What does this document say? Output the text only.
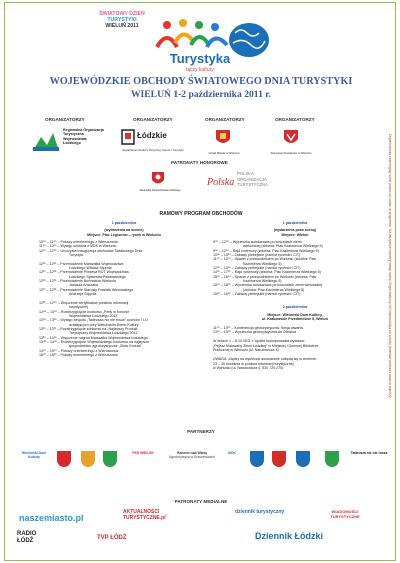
ŚWIATOWY DZIEŃ
TURYSTYKI
WIELUŃ 2011
Turystyka
łączy kultury
WOJEWÓDZKIE OBCHODY ŚWIATOWEGO DNIA TURYSTYKI
WIELUŃ 1-2 października 2011 r.
ORGANIZATORZY	ORGANIZATORZY	ORGANIZATORZY	ORGANIZATORZY
Regionalna Organizacja Turystyczna Województwa Łódzkiego
Łódzkie
Departament Kultury Fizycznej, Sportu i Turystyki
Urząd Miasta w Wieluniu	Starostwo Powiatowe w Wieluniu
PATRONATY HONOROWE
Marszałek Województwa Łódzkiego
Polska
POLSKA ORGANIZACJA TURYSTYCZNA
RAMOWY PROGRAM OBCHODÓW
1 października
(wydarzenia na scenie)
Miejsce: Plac Legionów – rynek w Wieluniu
10⁰⁰ – 11⁰⁰ – Pokazy orienteeringu z Wieruszowa
11⁰⁰ – 12⁰⁰ – Występ solistów z MDK w Wieluniu
12⁰⁰ – 12¹⁵ – Uroczysta inauguracja obchodów Światowego Dnia
Turystyki

12¹⁵ – 12²⁰ – Przemówienie Marszałka Województwa
Łódzkiego Witolda Stępnia
12²⁰ – 12²⁵ – Przemówienie Prezesa ROT Województwa
Łódzkiego Sylwestra Pawłowskiego
12²⁵ – 12³⁰ – Przemówienie Burmistrza Wielunia
Janusza Antczaka
12³⁰ – 12³⁵ – Przemówienie Starosty Powiatu Wieluńskiego
Andrzeja Stępnia

12³⁵ – 12⁴⁵ – Wręczenie certyfikatów punktów informacji
turystycznej
12⁴⁵ – 13⁰⁰ – Rozstrzygnięcie konkursu „Perły w Koronie
Województwa Łódzkiego 2011”
13⁰⁰ – 13¹⁵ – Występ zespołu „Tadeusza nic nie rusza” uczniów I LO
działających przy Wieluńskim Domu Kultury
13¹⁵ – 13³⁰ – Rozstrzygnięcie konkursu na „Najlepszy Produkt
Turystyczny Województwa Łódzkiego 2011”
13³⁰ – 13⁴⁵ – Wręczenie nagród Marszałka Województwa Łódzkiego
13⁴⁵ – 14⁰⁰ – Rozstrzygnięcie Wojewódzkiego konkursu na najlepsze
gospodarstwo agroturystyczne „Złota Grusza”
14⁰⁰ – 15⁰⁰ – Pokazy orienteeringu z Wieruszowa
16⁰⁰ – 16³⁰ – Pokazy orienteeringu z Wieruszowa
1 października
(wydarzenia poza sceną)
Miejsce: Wieluń
9⁰⁰ – 12⁰⁰ – Wycieczka autokarowa po kościołach ziemi
wieluńskiej (zbiórka: Plac Kazimierza Wielkiego 5)
9⁰⁰ – 12⁰⁰ – Rajd rowerowy (zbiórka: Plac Kazimierza Wielkiego 5)
10⁰⁰ – 10³⁰ – Zabawy plebejskie (namiot rycerski i CIT)
11⁰⁰ – 12⁰⁰ – Spacer z przewodnikiem po Wieluniu (zbiórka: Plac
Kazimierza Wielkiego 5)
12⁰⁰ – 13⁰⁰ – Zabawy plebejskie (namiot rycerski i CIT)
14⁰⁰ – 17⁰⁰ – Rajd rowerowy (zbiórka: Plac Kazimierza Wielkiego 5)
15⁰⁰ – 16⁰⁰ – Spacer z przewodnikiem po Wieluniu (zbiórka: Plac
Kazimierza Wielkiego 5)
15⁰⁰ – 18⁰⁰ – Wycieczka autokarowa po kościołach ziemi wieluńskiej
(zbiórka: Plac Kazimierza Wielkiego 5)
15⁰⁰ – 16⁰⁰ – Zabawy plebejskie (namiot rycerski i CIT)
2 października
Miejsce: Wieluński Dom Kultury,
ul. Krakowskie Przedmieście 5, Wieluń
11⁰⁰ – 13⁰⁰ – Konferencja geoturystyczna. Sesja otwarta.
13⁰⁰ – 15⁰⁰ – Wycieczka geoturystyczna do Olewina
W dniach 1 – 8.10.2011 r. będzie funkcjonowała wystawa:
„Pejzaż Malowany Ziemi Łódzkiej” w Miejskiej i Gminnej Bibliotece
Publicznej w Wieluniu (ul. Narutowicza 4)
UWAGA: Zapisy na wycieczki autokarowe odbędą się w terminie:
23 – 30 września w punkcie informacji turystycznej
w Wieluniu (ul. Narutowicza 4, 530 720 270)	Organizatorzy zastrzegają sobie prawo do zmian w programie. Na wszystkie imprezy wstęp wolny. Organizatorzy nie odpowiadają za szkody powstałe podczas trwania imprezy.
PARTNERZY
Wieluński Dom Kultury
PKS WIELUŃ	Rancho nad Wartą
Agroturystyka w Kraszewicach
MDK	Tadeusza nic nie rusza
PATRONATY MEDIALNE
naszemiasto.pl
AKTUALNOŚCI TURYSTYCZNE.pl
dziennik turystyczny	WIADOMOŚCI TURYSTYCZNE
RADIO ŁÓDŹ	TVP ŁÓDŹ	Dziennik Łódzki
